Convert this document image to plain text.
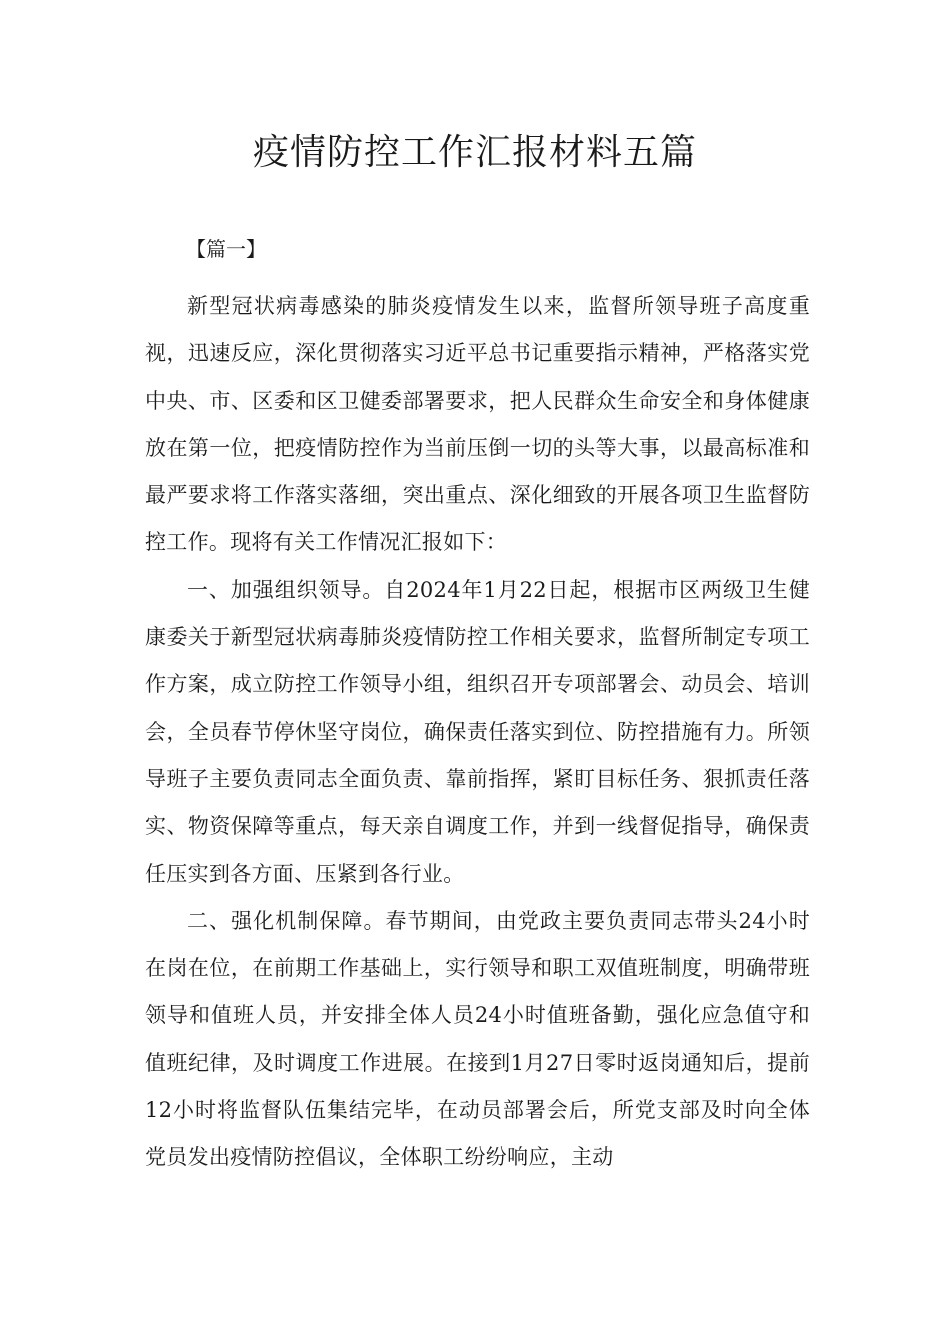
疫情防控工作汇报材料五篇

【篇一】

新型冠状病毒感染的肺炎疫情发生以来，监督所领导班子高度重视，迅速反应，深化贯彻落实习近平总书记重要指示精神，严格落实党中央、市、区委和区卫健委部署要求，把人民群众生命安全和身体健康放在第一位，把疫情防控作为当前压倒一切的头等大事，以最高标准和最严要求将工作落实落细，突出重点、深化细致的开展各项卫生监督防控工作。现将有关工作情况汇报如下：

一、加强组织领导。自2024年1月22日起，根据市区两级卫生健康委关于新型冠状病毒肺炎疫情防控工作相关要求，监督所制定专项工作方案，成立防控工作领导小组，组织召开专项部署会、动员会、培训会，全员春节停休坚守岗位，确保责任落实到位、防控措施有力。所领导班子主要负责同志全面负责、靠前指挥，紧盯目标任务、狠抓责任落实、物资保障等重点，每天亲自调度工作，并到一线督促指导，确保责任压实到各方面、压紧到各行业。

二、强化机制保障。春节期间，由党政主要负责同志带头24小时在岗在位，在前期工作基础上，实行领导和职工双值班制度，明确带班领导和值班人员，并安排全体人员24小时值班备勤，强化应急值守和值班纪律，及时调度工作进展。在接到1月27日零时返岗通知后，提前12小时将监督队伍集结完毕，在动员部署会后，所党支部及时向全体党员发出疫情防控倡议，全体职工纷纷响应，主动
